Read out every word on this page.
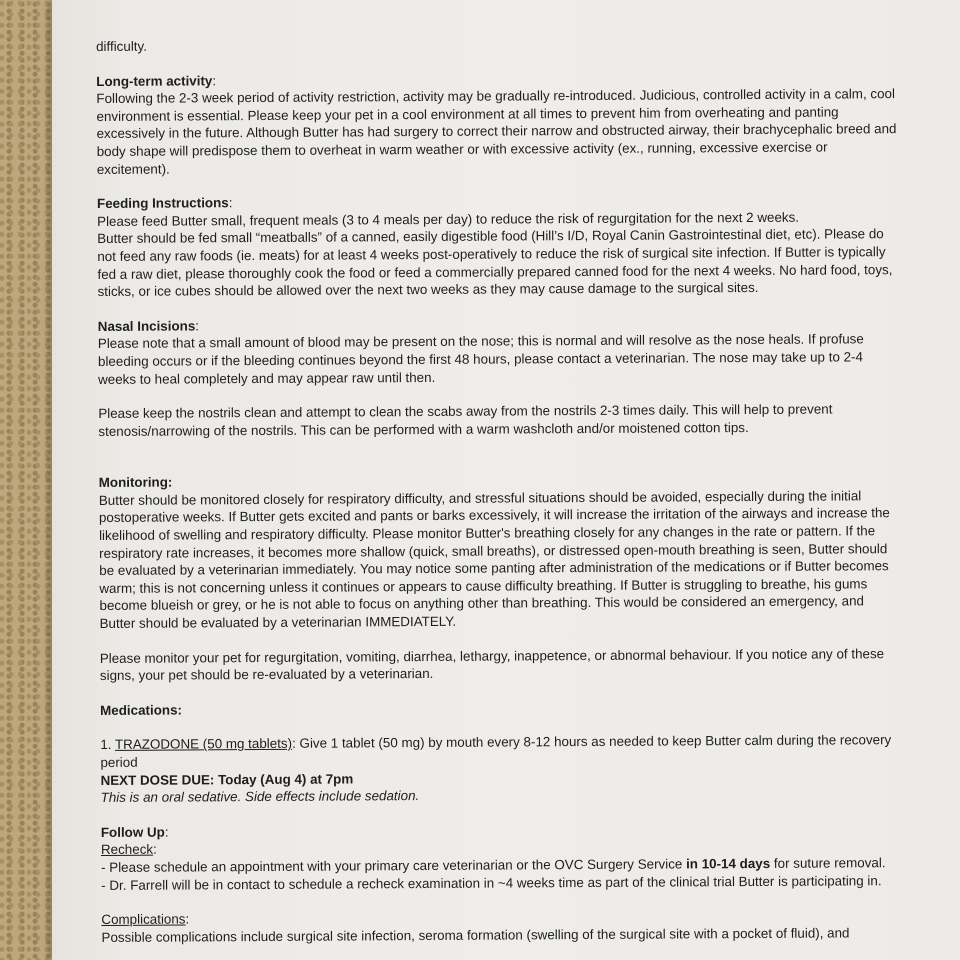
difficulty.

Long-term activity:

Following the 2-3 week period of activity restriction, activity may be gradually re-introduced. Judicious, controlled activity in a calm, cool environment is essential. Please keep your pet in a cool environment at all times to prevent him from overheating and panting excessively in the future. Although Butter has had surgery to correct their narrow and obstructed airway, their brachycephalic breed and body shape will predispose them to overheat in warm weather or with excessive activity (ex., running, excessive exercise or excitement).

Feeding Instructions:

Please feed Butter small, frequent meals (3 to 4 meals per day) to reduce the risk of regurgitation for the next 2 weeks.

Butter should be fed small “meatballs” of a canned, easily digestible food (Hill’s I/D, Royal Canin Gastrointestinal diet, etc). Please do not feed any raw foods (ie. meats) for at least 4 weeks post-operatively to reduce the risk of surgical site infection. If Butter is typically fed a raw diet, please thoroughly cook the food or feed a commercially prepared canned food for the next 4 weeks. No hard food, toys, sticks, or ice cubes should be allowed over the next two weeks as they may cause damage to the surgical sites.

Nasal Incisions:

Please note that a small amount of blood may be present on the nose; this is normal and will resolve as the nose heals. If profuse bleeding occurs or if the bleeding continues beyond the first 48 hours, please contact a veterinarian. The nose may take up to 2-4 weeks to heal completely and may appear raw until then.

Please keep the nostrils clean and attempt to clean the scabs away from the nostrils 2-3 times daily. This will help to prevent stenosis/narrowing of the nostrils. This can be performed with a warm washcloth and/or moistened cotton tips.

Monitoring:

Butter should be monitored closely for respiratory difficulty, and stressful situations should be avoided, especially during the initial postoperative weeks. If Butter gets excited and pants or barks excessively, it will increase the irritation of the airways and increase the likelihood of swelling and respiratory difficulty. Please monitor Butter's breathing closely for any changes in the rate or pattern. If the respiratory rate increases, it becomes more shallow (quick, small breaths), or distressed open-mouth breathing is seen, Butter should be evaluated by a veterinarian immediately. You may notice some panting after administration of the medications or if Butter becomes warm; this is not concerning unless it continues or appears to cause difficulty breathing. If Butter is struggling to breathe, his gums become blueish or grey, or he is not able to focus on anything other than breathing. This would be considered an emergency, and Butter should be evaluated by a veterinarian IMMEDIATELY.

Please monitor your pet for regurgitation, vomiting, diarrhea, lethargy, inappetence, or abnormal behaviour. If you notice any of these signs, your pet should be re-evaluated by a veterinarian.

Medications:

1. TRAZODONE (50 mg tablets): Give 1 tablet (50 mg) by mouth every 8-12 hours as needed to keep Butter calm during the recovery period

NEXT DOSE DUE: Today (Aug 4) at 7pm

This is an oral sedative. Side effects include sedation.

Follow Up:

Recheck:

- Please schedule an appointment with your primary care veterinarian or the OVC Surgery Service in 10-14 days for suture removal.

- Dr. Farrell will be in contact to schedule a recheck examination in ~4 weeks time as part of the clinical trial Butter is participating in.

Complications:

Possible complications include surgical site infection, seroma formation (swelling of the surgical site with a pocket of fluid), and
